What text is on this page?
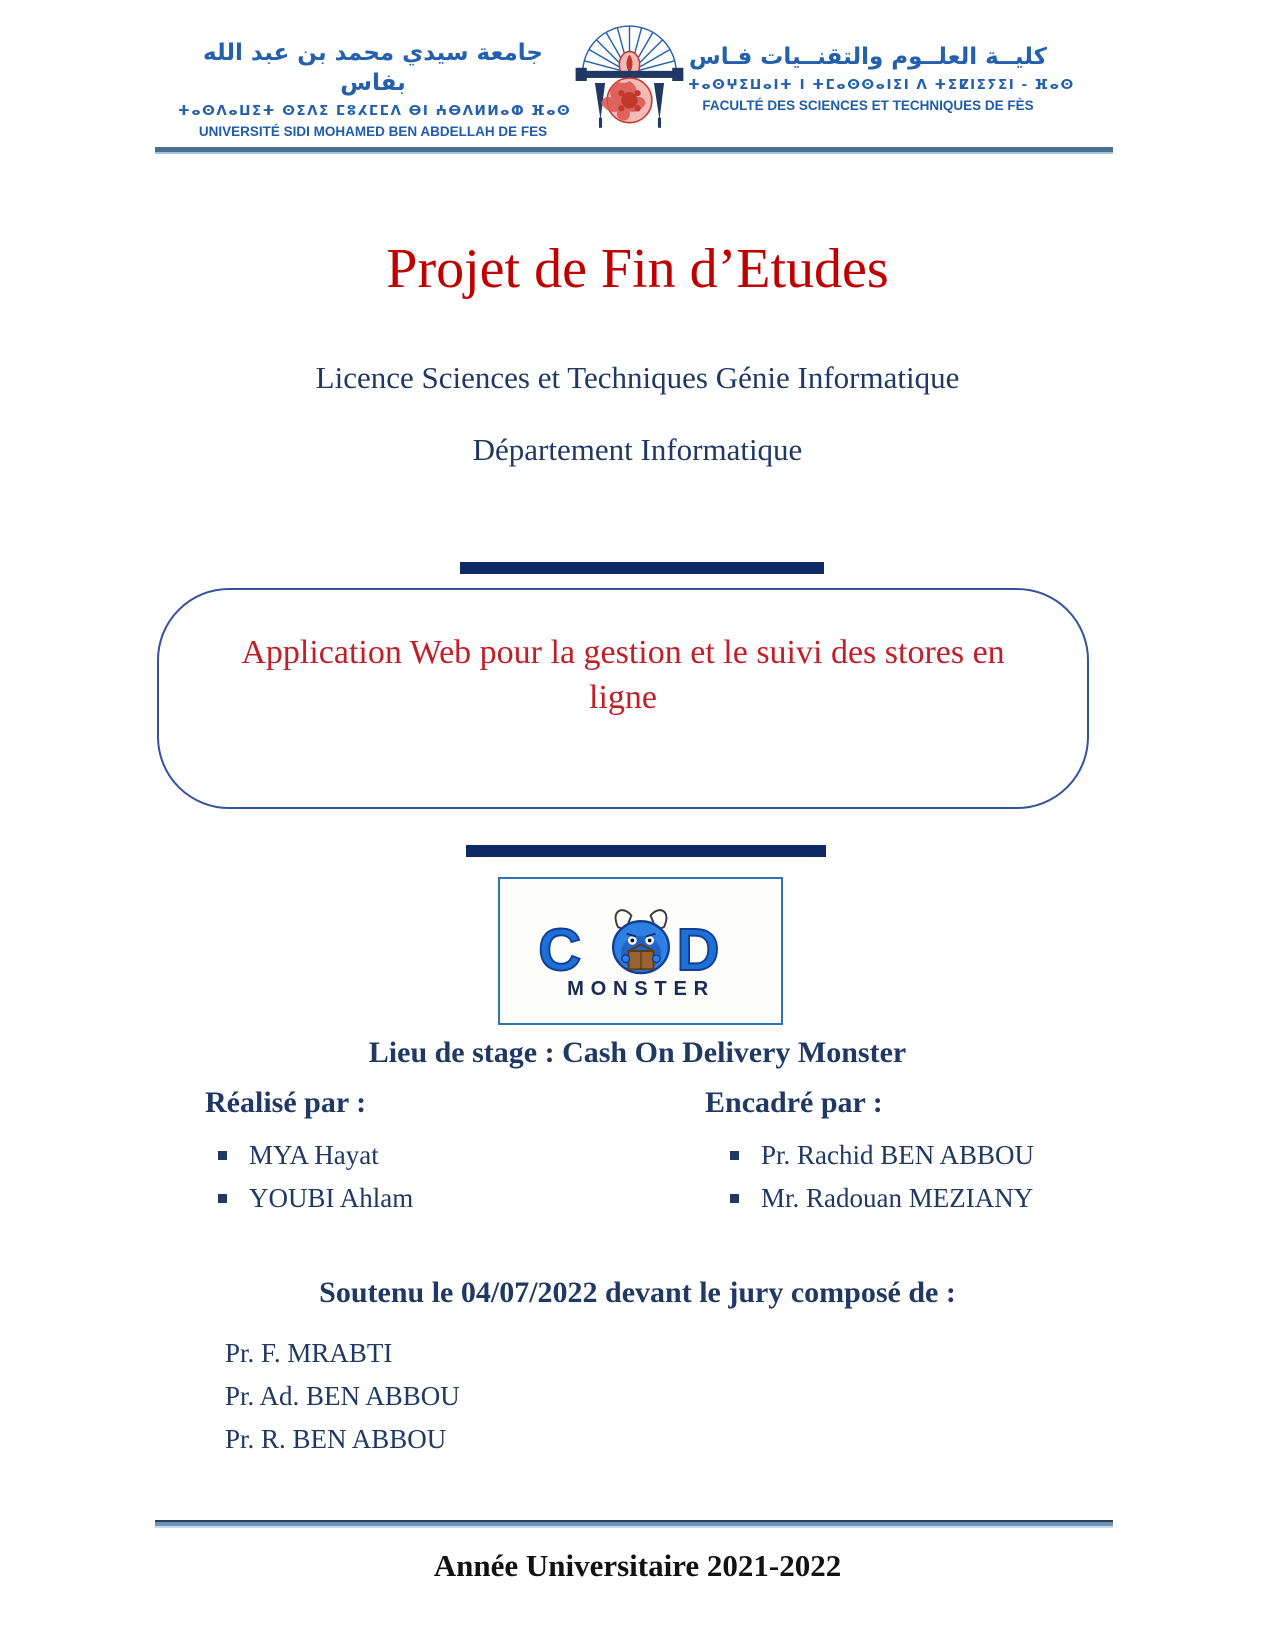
جامعة سيدي محمد بن عبد الله بفاس
ⵜⴰⵙⴷⴰⵡⵉⵜ ⵙⵉⴷⵉ ⵎⵓⵃⵎⵎⴷ ⴱⵏ ⵄⴱⴷⵍⵍⴰⵀ ⴼⴰⵙ
UNIVERSITÉ SIDI MOHAMED BEN ABDELLAH DE FES
كليــة العلــوم والتقنــيات فـاس
ⵜⴰⵙⵖⵉⵡⴰⵏⵜ ⵏ ⵜⵎⴰⵙⵙⴰⵏⵉⵏ ⴷ ⵜⵉⵇⵏⵉⵢⵉⵏ - ⴼⴰⵙ
FACULTÉ DES SCIENCES ET TECHNIQUES DE FÈS
Projet de Fin d’Etudes
Licence Sciences et Techniques Génie Informatique
Département Informatique
Application Web pour la gestion et le suivi des stores en
ligne
C D
MONSTER
Lieu de stage : Cash On Delivery Monster
Réalisé par :	Encadré par :
MYA Hayat
YOUBI Ahlam
Pr. Rachid BEN ABBOU
Mr. Radouan MEZIANY
Soutenu le 04/07/2022 devant le jury composé de :
Pr. F. MRABTI
Pr. Ad. BEN ABBOU
Pr. R. BEN ABBOU
Année Universitaire 2021-2022
